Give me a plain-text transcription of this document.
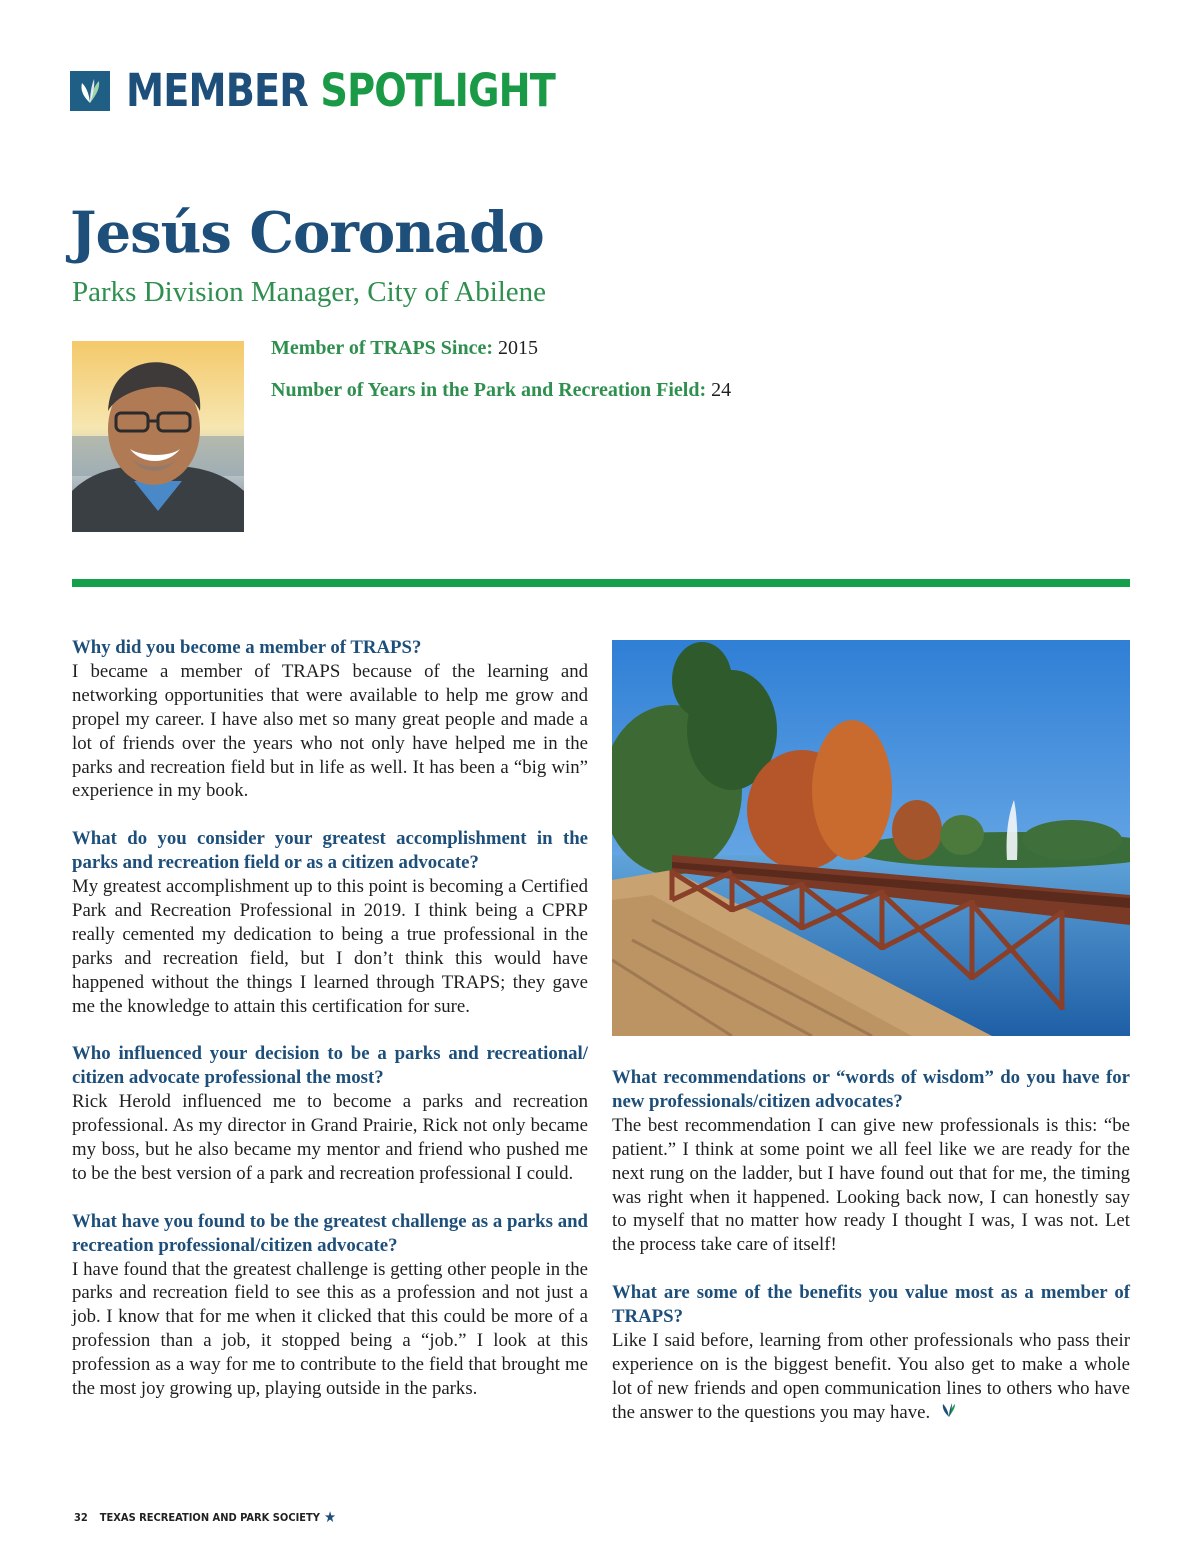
MEMBER SPOTLIGHT
Jesús Coronado
Parks Division Manager, City of Abilene
Member of TRAPS Since: 2015
Number of Years in the Park and Recreation Field: 24

Why did you become a member of TRAPS?

I became a member of TRAPS because of the learning and networking opportunities that were available to help me grow and propel my career. I have also met so many great people and made a lot of friends over the years who not only have helped me in the parks and recreation field but in life as well. It has been a “big win” experience in my book.

What do you consider your greatest accomplishment in the parks and recreation field or as a citizen advocate?

My greatest accomplishment up to this point is becoming a Certified Park and Recreation Professional in 2019. I think being a CPRP really cemented my dedication to being a true professional in the parks and recreation field, but I don’t think this would have happened without the things I learned through TRAPS; they gave me the knowledge to attain this certification for sure.

Who influenced your decision to be a parks and recreational/ citizen advocate professional the most?

Rick Herold influenced me to become a parks and recreation professional. As my director in Grand Prairie, Rick not only became my boss, but he also became my mentor and friend who pushed me to be the best version of a park and recreation professional I could.

What have you found to be the greatest challenge as a parks and recreation professional/citizen advocate?

I have found that the greatest challenge is getting other people in the parks and recreation field to see this as a profession and not just a job. I know that for me when it clicked that this could be more of a profession than a job, it stopped being a “job.” I look at this profession as a way for me to contribute to the field that brought me the most joy growing up, playing outside in the parks.

What recommendations or “words of wisdom” do you have for new professionals/citizen advocates?

The best recommendation I can give new professionals is this: “be patient.” I think at some point we all feel like we are ready for the next rung on the ladder, but I have found out that for me, the timing was right when it happened. Looking back now, I can honestly say to myself that no matter how ready I thought I was, I was not. Let the process take care of itself!

What are some of the benefits you value most as a member of TRAPS?

Like I said before, learning from other professionals who pass their experience on is the biggest benefit. You also get to make a whole lot of new friends and open communication lines to others who have the answer to the questions you may have.

32 TEXAS RECREATION AND PARK SOCIETY ★
